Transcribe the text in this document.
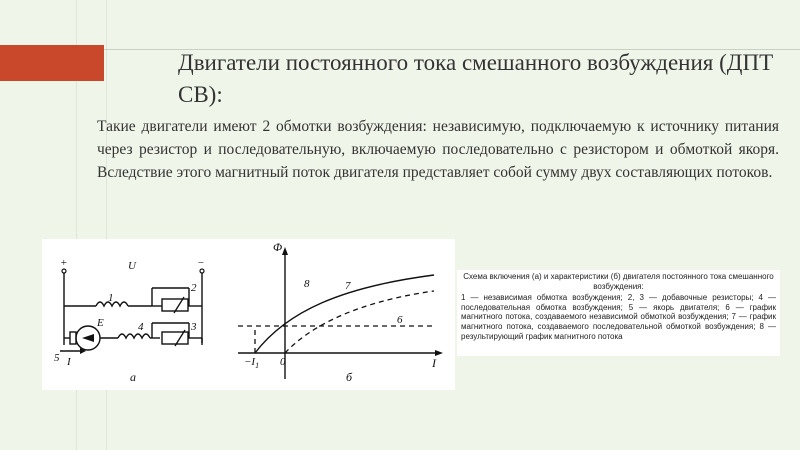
Двигатели постоянного тока смешанного возбуждения (ДПТ СВ):
Такие двигатели имеют 2 обмотки возбуждения: независимую, подключаемую к источнику питания через резистор и последовательную, включаемую последовательно с резистором и обмоткой якоря. Вследствие этого магнитный поток двигателя представляет собой сумму двух составляющих потоков.
+	−
U
1
2
E	4	3
5 I
а
Φ
I
0
$-I_1$
8	7
6
б
Схема включения (а) и характеристики (б) двигателя постоянного тока смешанного возбуждения:
1 — независимая обмотка возбуждения; 2, 3 — добавочные резисторы; 4 — последовательная обмотка возбуждения; 5 — якорь двигателя; 6 — график магнитного потока, создаваемого независимой обмоткой возбуждения; 7 — график магнитного потока, создаваемого последовательной обмоткой возбуждения; 8 — результирующий график магнитного потока
